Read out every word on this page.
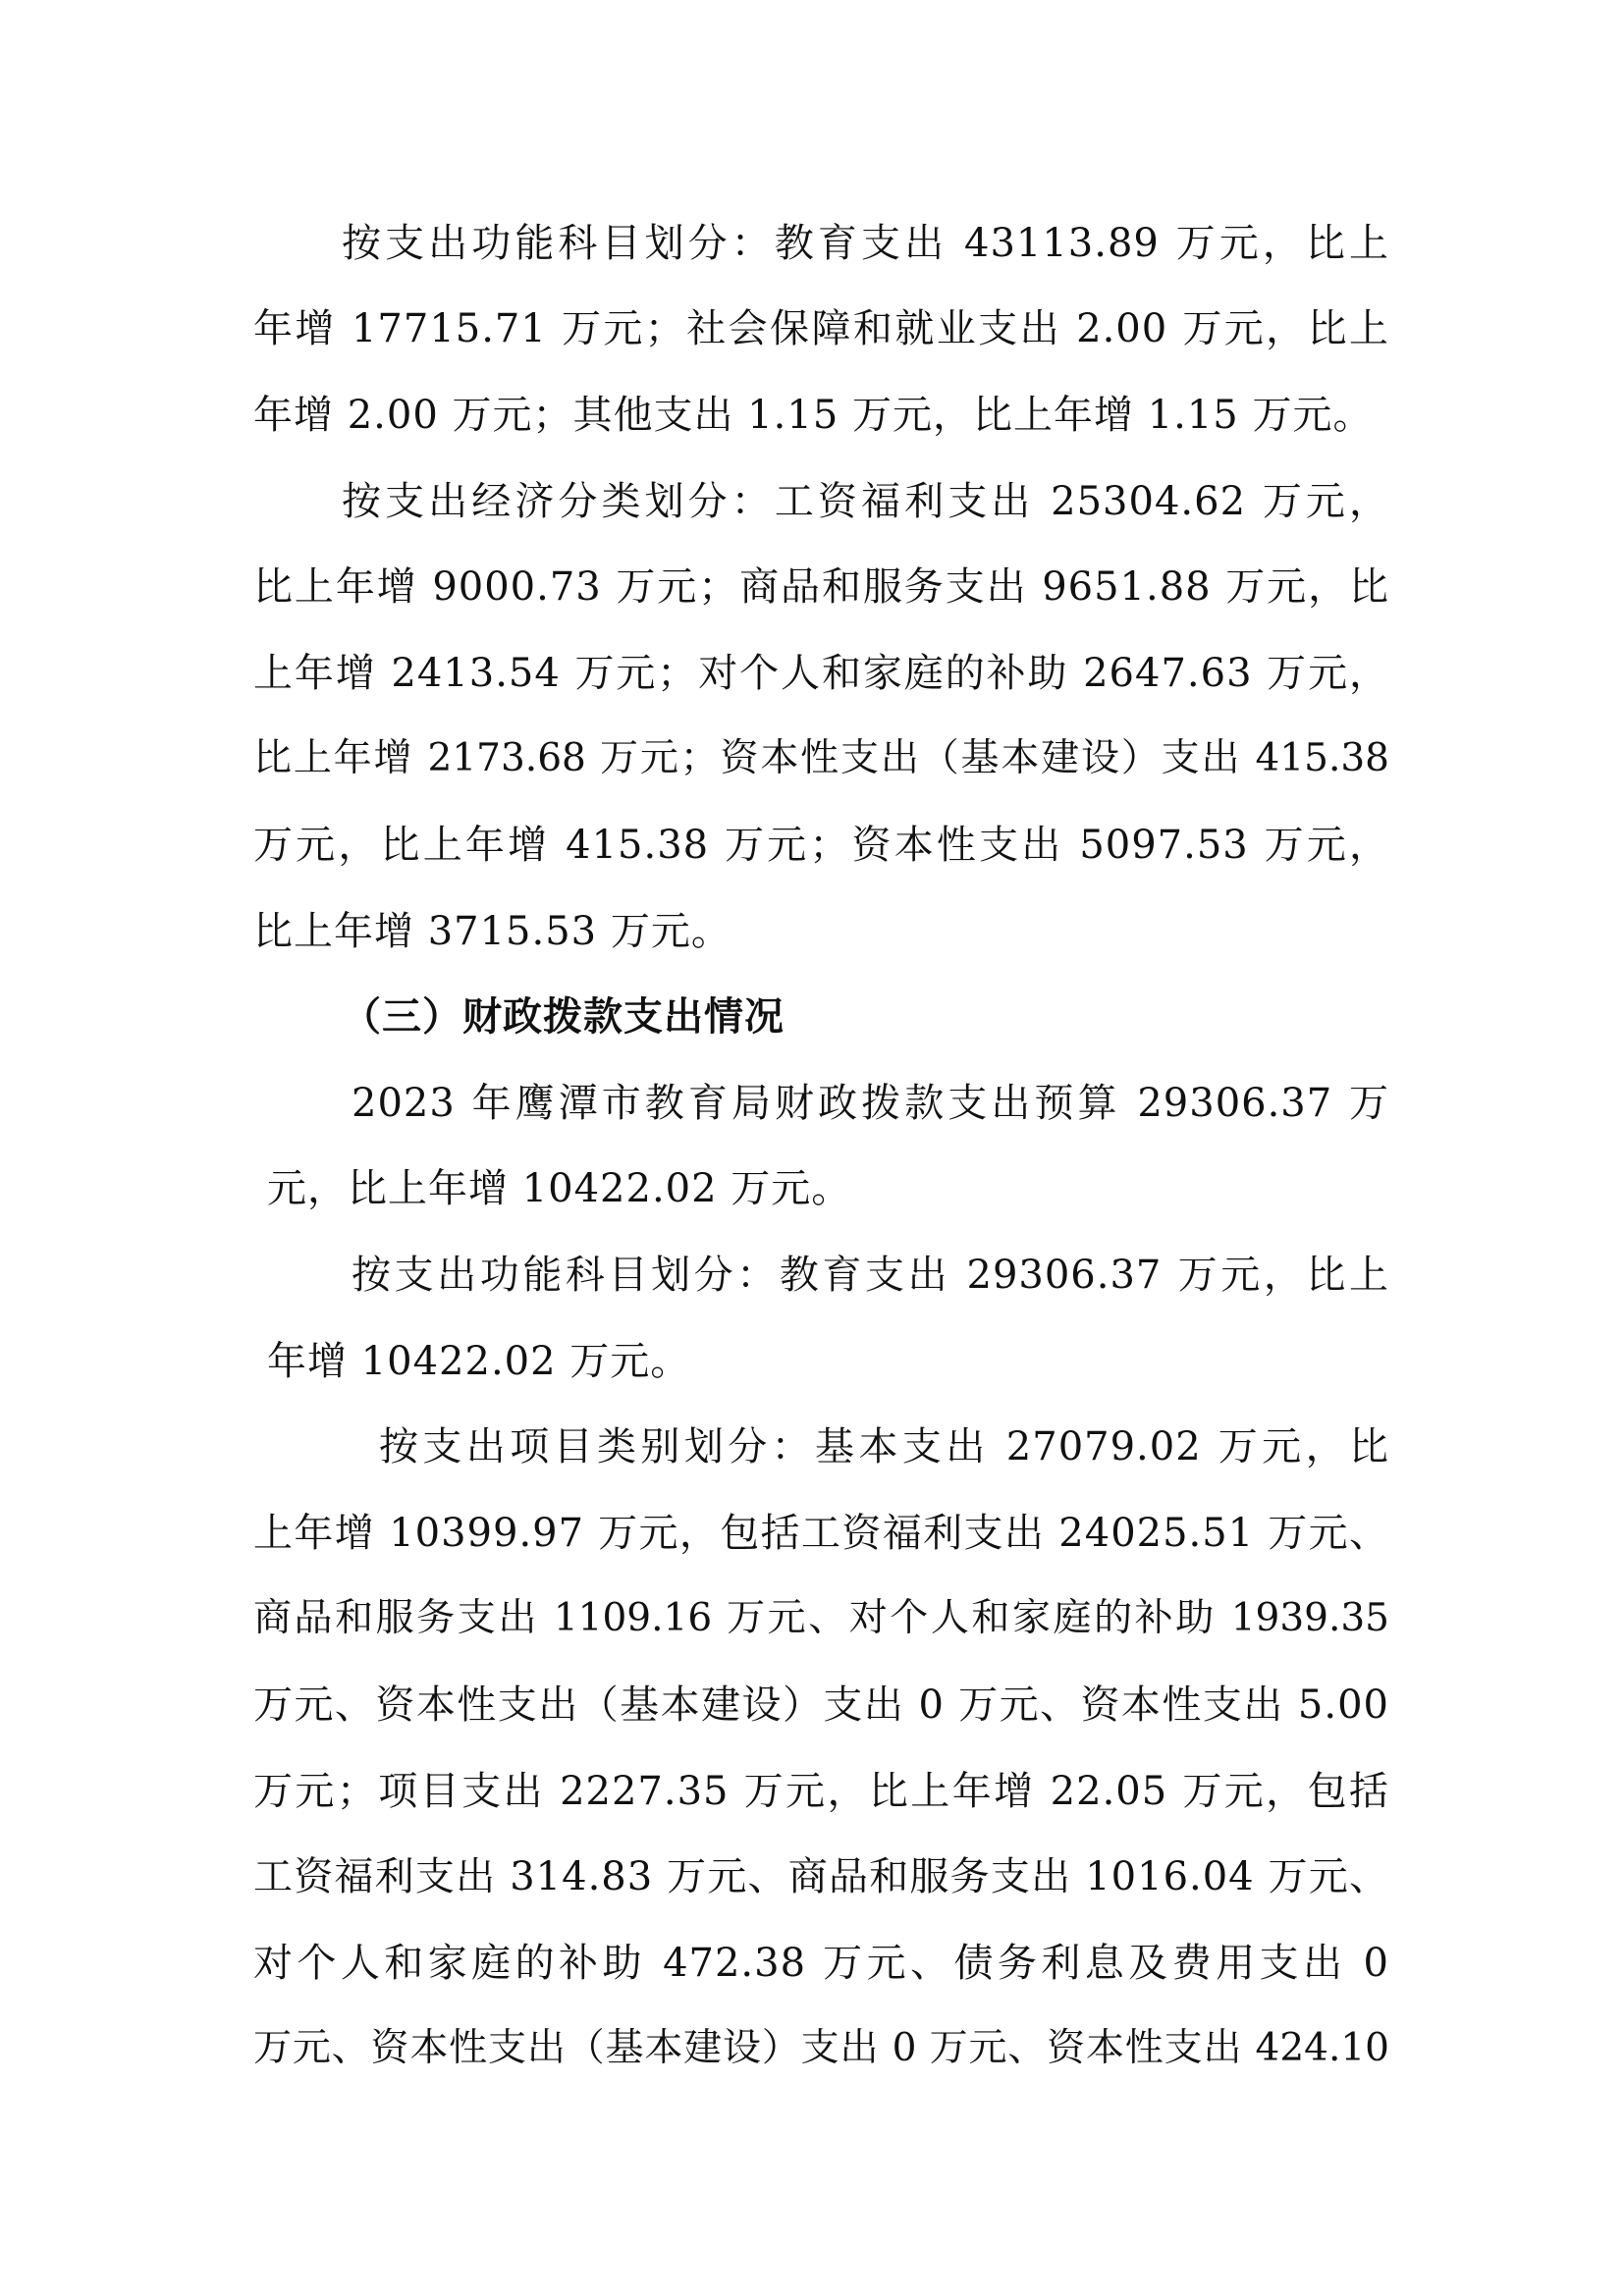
按支出功能科目划分：教育支出 43113.89 万元，比上
年增 17715.71 万元；社会保障和就业支出 2.00 万元，比上
年增 2.00 万元；其他支出 1.15 万元，比上年增 1.15 万元。
按支出经济分类划分：工资福利支出 25304.62 万元，
比上年增 9000.73 万元；商品和服务支出 9651.88 万元，比
上年增 2413.54 万元；对个人和家庭的补助 2647.63 万元，
比上年增 2173.68 万元；资本性支出（基本建设）支出 415.38
万元，比上年增 415.38 万元；资本性支出 5097.53 万元，
比上年增 3715.53 万元。
（三）财政拨款支出情况
2023 年鹰潭市教育局财政拨款支出预算 29306.37 万
元，比上年增 10422.02 万元。
按支出功能科目划分：教育支出 29306.37 万元，比上
年增 10422.02 万元。
按支出项目类别划分：基本支出 27079.02 万元，比
上年增 10399.97 万元，包括工资福利支出 24025.51 万元、
商品和服务支出 1109.16 万元、对个人和家庭的补助 1939.35
万元、资本性支出（基本建设）支出 0 万元、资本性支出 5.00
万元；项目支出 2227.35 万元，比上年增 22.05 万元，包括
工资福利支出 314.83 万元、商品和服务支出 1016.04 万元、
对个人和家庭的补助 472.38 万元、债务利息及费用支出 0
万元、资本性支出（基本建设）支出 0 万元、资本性支出 424.10
